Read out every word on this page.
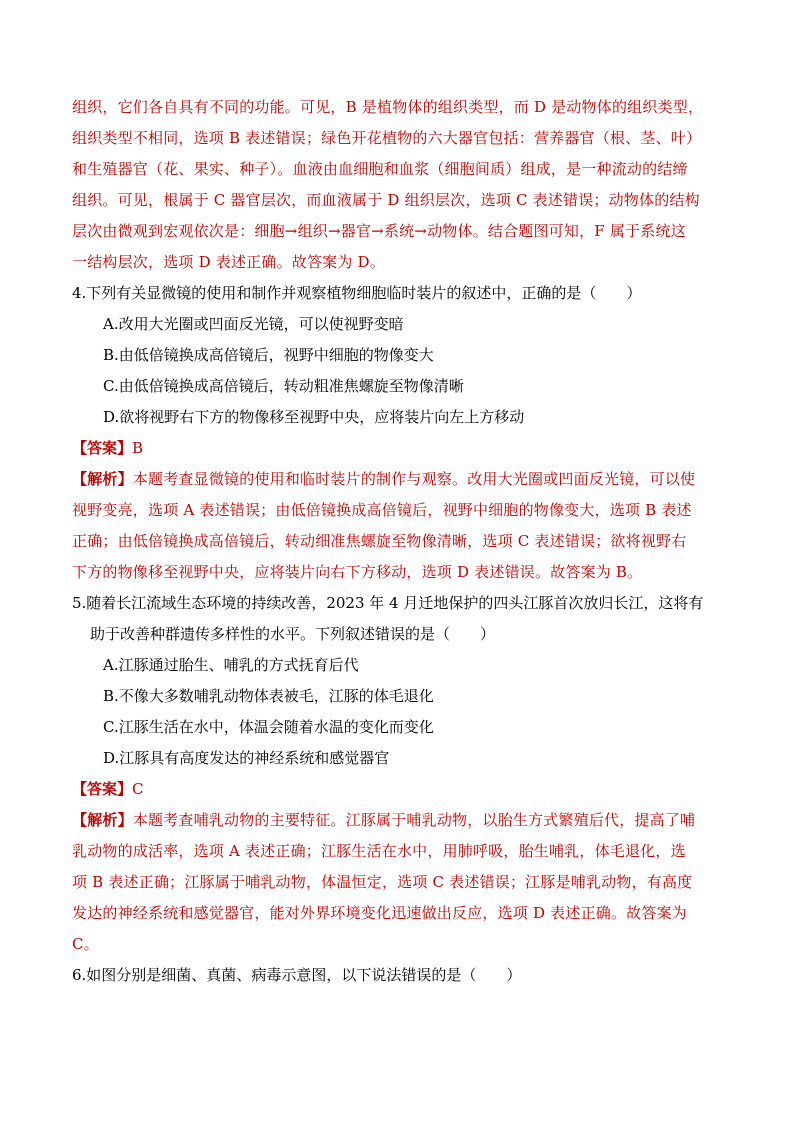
组织，它们各自具有不同的功能。可见，B 是植物体的组织类型，而 D 是动物体的组织类型，
组织类型不相同，选项 B 表述错误；绿色开花植物的六大器官包括：营养器官（根、茎、叶）
和生殖器官（花、果实、种子）。血液由血细胞和血浆（细胞间质）组成，是一种流动的结缔
组织。可见，根属于 C 器官层次，而血液属于 D 组织层次，选项 C 表述错误；动物体的结构
层次由微观到宏观依次是：细胞→组织→器官→系统→动物体。结合题图可知，F 属于系统这
一结构层次，选项 D 表述正确。故答案为 D。
4.下列有关显微镜的使用和制作并观察植物细胞临时装片的叙述中，正确的是（　　）
A.改用大光圈或凹面反光镜，可以使视野变暗
B.由低倍镜换成高倍镜后，视野中细胞的物像变大
C.由低倍镜换成高倍镜后，转动粗准焦螺旋至物像清晰
D.欲将视野右下方的物像移至视野中央，应将装片向左上方移动
【答案】B
【解析】本题考查显微镜的使用和临时装片的制作与观察。改用大光圈或凹面反光镜，可以使
视野变亮，选项 A 表述错误；由低倍镜换成高倍镜后，视野中细胞的物像变大，选项 B 表述
正确；由低倍镜换成高倍镜后，转动细准焦螺旋至物像清晰，选项 C 表述错误；欲将视野右
下方的物像移至视野中央，应将装片向右下方移动，选项 D 表述错误。故答案为 B。
5.随着长江流域生态环境的持续改善，2023 年 4 月迁地保护的四头江豚首次放归长江，这将有
助于改善种群遗传多样性的水平。下列叙述错误的是（　　）
A.江豚通过胎生、哺乳的方式抚育后代
B.不像大多数哺乳动物体表被毛，江豚的体毛退化
C.江豚生活在水中，体温会随着水温的变化而变化
D.江豚具有高度发达的神经系统和感觉器官
【答案】C
【解析】本题考查哺乳动物的主要特征。江豚属于哺乳动物，以胎生方式繁殖后代，提高了哺
乳动物的成活率，选项 A 表述正确；江豚生活在水中，用肺呼吸，胎生哺乳，体毛退化，选
项 B 表述正确；江豚属于哺乳动物，体温恒定，选项 C 表述错误；江豚是哺乳动物，有高度
发达的神经系统和感觉器官，能对外界环境变化迅速做出反应，选项 D 表述正确。故答案为
C。
6.如图分别是细菌、真菌、病毒示意图，以下说法错误的是（　　）
